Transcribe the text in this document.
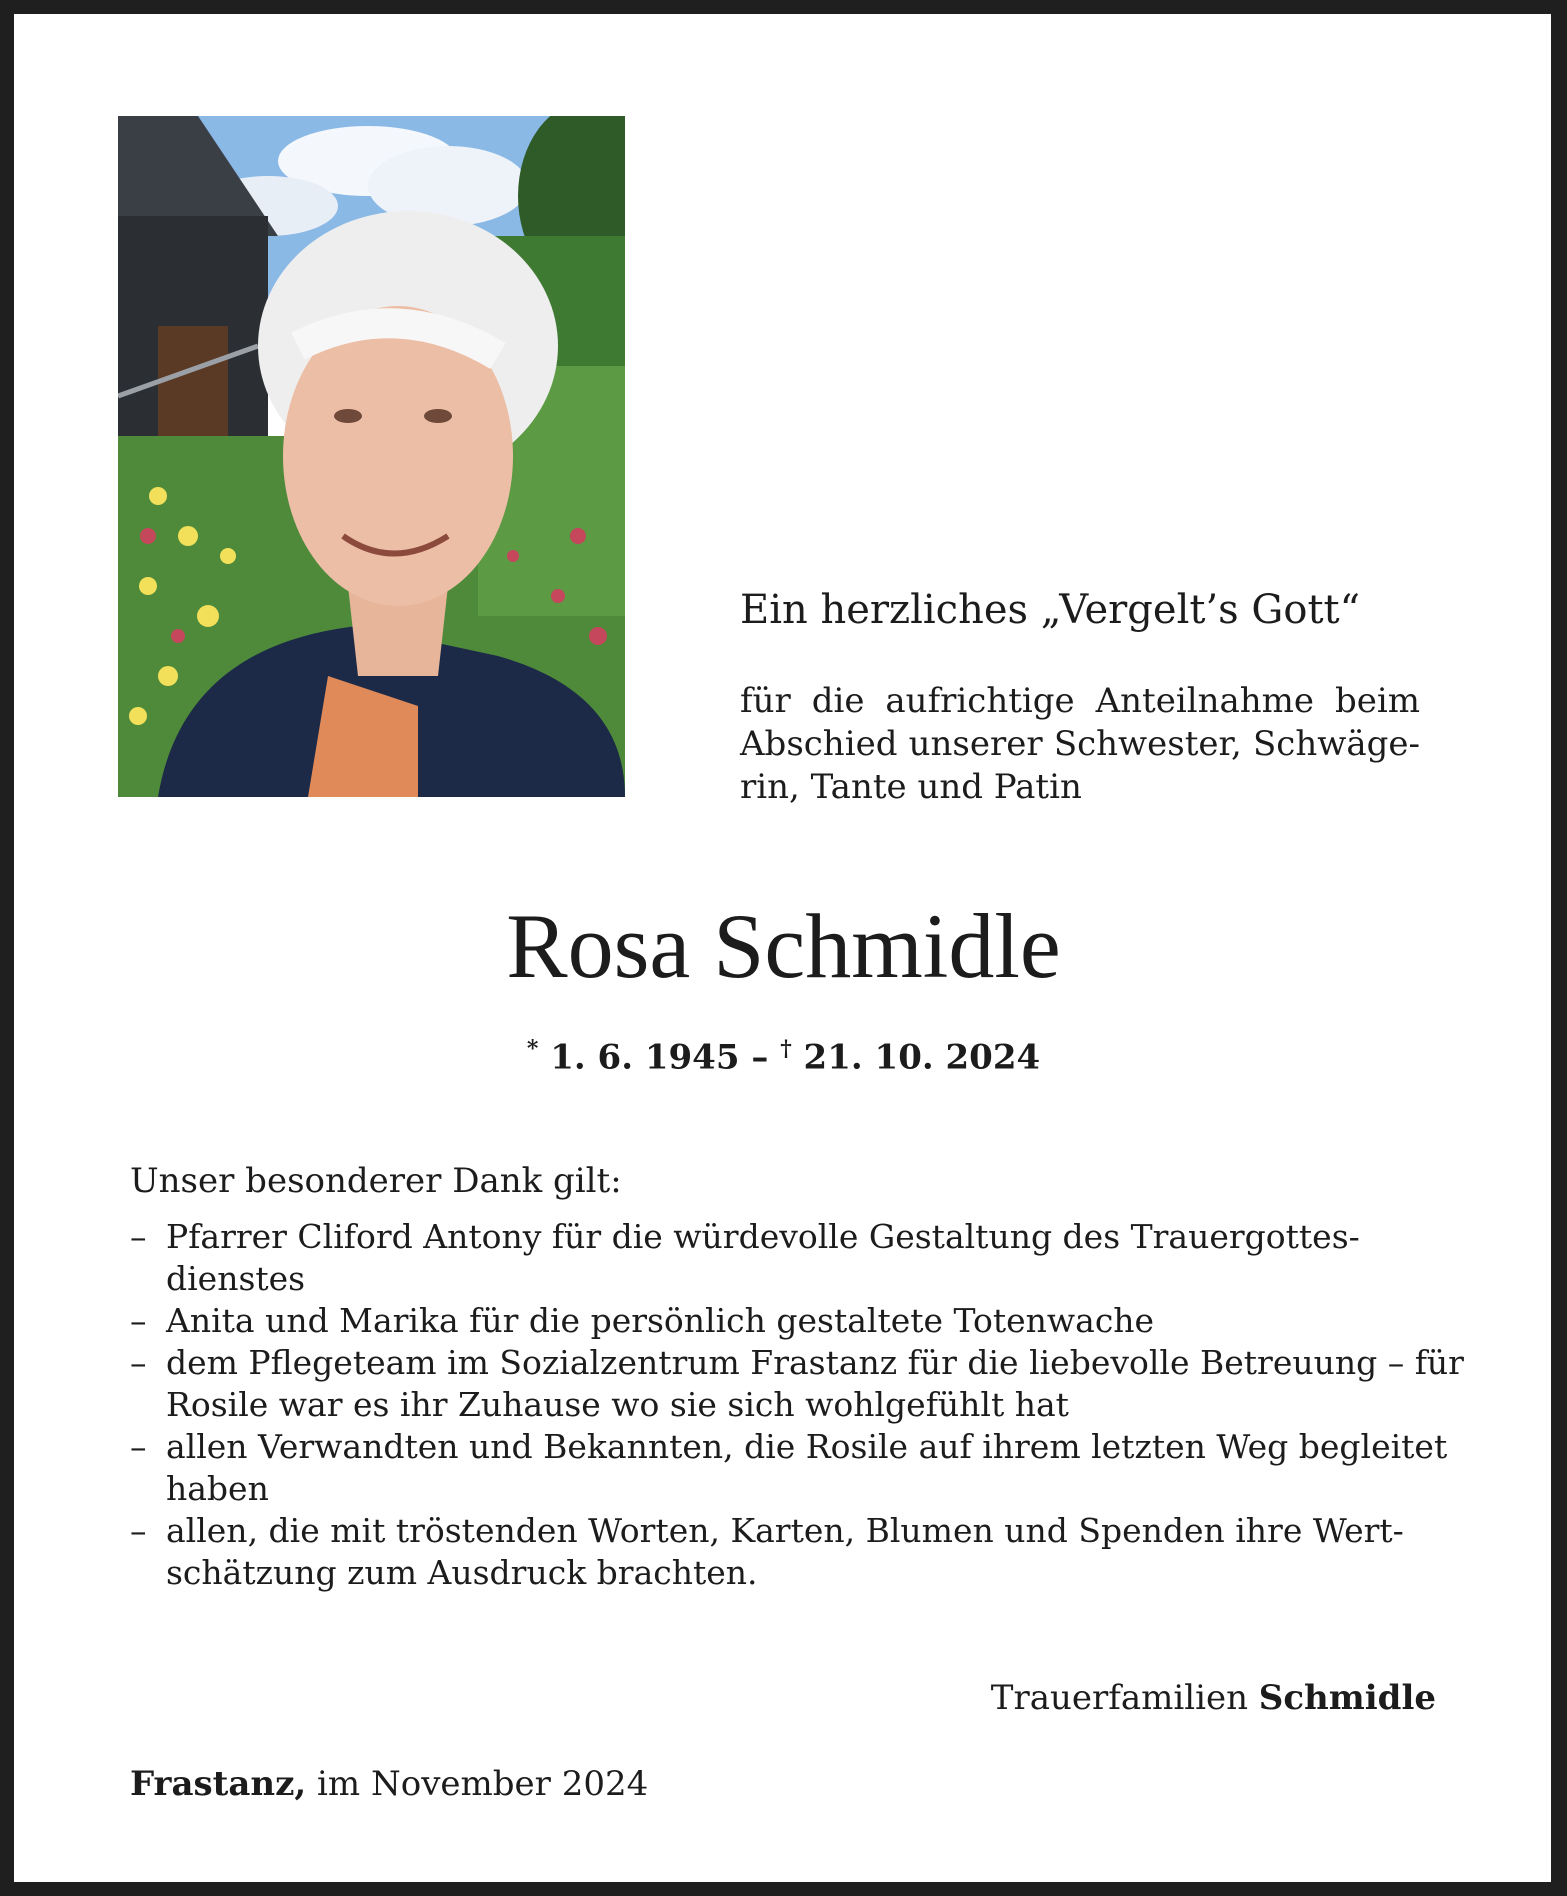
Ein herzliches „Vergelt’s Gott“
für die aufrichtige Anteilnahme beim
Abschied unserer Schwester, Schwäge-
rin, Tante und Patin
Rosa Schmidle
* 1. 6. 1945 – † 21. 10. 2024
Unser besonderer Dank gilt:
– Pfarrer Cliford Antony für die würdevolle Gestaltung des Trauergottes-
dienstes
– Anita und Marika für die persönlich gestaltete Totenwache
– dem Pflegeteam im Sozialzentrum Frastanz für die liebevolle Betreuung – für
Rosile war es ihr Zuhause wo sie sich wohlgefühlt hat
– allen Verwandten und Bekannten, die Rosile auf ihrem letzten Weg begleitet
haben
– allen, die mit tröstenden Worten, Karten, Blumen und Spenden ihre Wert-
schätzung zum Ausdruck brachten.
Trauerfamilien Schmidle
Frastanz, im November 2024
